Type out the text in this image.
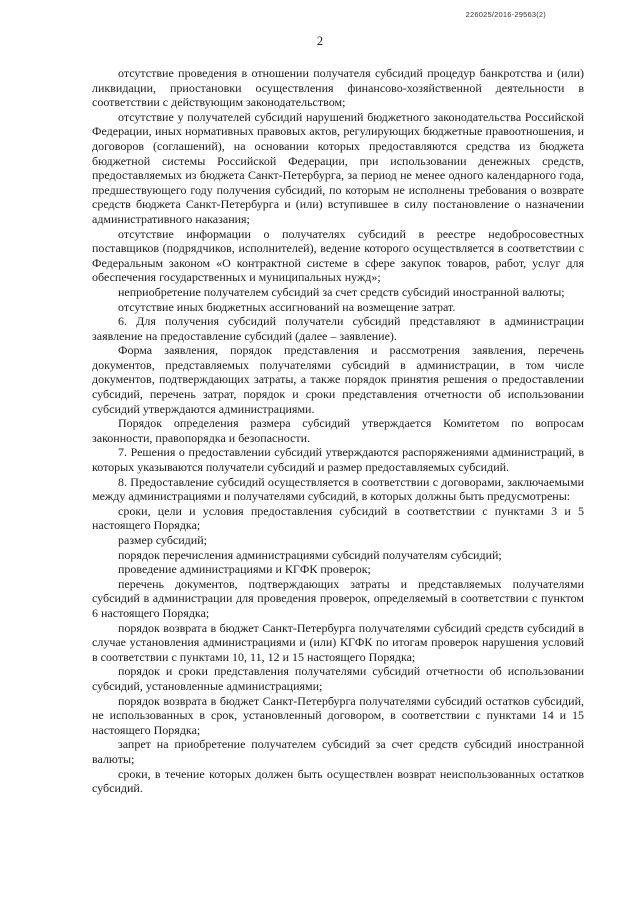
226025/2016-29563(2)
2

отсутствие проведения в отношении получателя субсидий процедур банкротства и (или) ликвидации, приостановки осуществления финансово-хозяйственной деятельности в соответствии с действующим законодательством;

отсутствие у получателей субсидий нарушений бюджетного законодательства Российской Федерации, иных нормативных правовых актов, регулирующих бюджетные правоотношения, и договоров (соглашений), на основании которых предоставляются средства из бюджета бюджетной системы Российской Федерации, при использовании денежных средств, предоставляемых из бюджета Санкт-Петербурга, за период не менее одного календарного года, предшествующего году получения субсидий, по которым не исполнены требования о возврате средств бюджета Санкт-Петербурга и (или) вступившее в силу постановление о назначении административного наказания;

отсутствие информации о получателях субсидий в реестре недобросовестных поставщиков (подрядчиков, исполнителей), ведение которого осуществляется в соответствии с Федеральным законом «О контрактной системе в сфере закупок товаров, работ, услуг для обеспечения государственных и муниципальных нужд»;

неприобретение получателем субсидий за счет средств субсидий иностранной валюты;

отсутствие иных бюджетных ассигнований на возмещение затрат.

6. Для получения субсидий получатели субсидий представляют в администрации заявление на предоставление субсидий (далее – заявление).

Форма заявления, порядок представления и рассмотрения заявления, перечень документов, представляемых получателями субсидий в администрации, в том числе документов, подтверждающих затраты, а также порядок принятия решения о предоставлении субсидий, перечень затрат, порядок и сроки представления отчетности об использовании субсидий утверждаются администрациями.

Порядок определения размера субсидий утверждается Комитетом по вопросам законности, правопорядка и безопасности.

7. Решения о предоставлении субсидий утверждаются распоряжениями администраций, в которых указываются получатели субсидий и размер предоставляемых субсидий.

8. Предоставление субсидий осуществляется в соответствии с договорами, заключаемыми между администрациями и получателями субсидий, в которых должны быть предусмотрены:

сроки, цели и условия предоставления субсидий в соответствии с пунктами 3 и 5 настоящего Порядка;

размер субсидий;

порядок перечисления администрациями субсидий получателям субсидий;

проведение администрациями и КГФК проверок;

перечень документов, подтверждающих затраты и представляемых получателями субсидий в администрации для проведения проверок, определяемый в соответствии с пунктом 6 настоящего Порядка;

порядок возврата в бюджет Санкт-Петербурга получателями субсидий средств субсидий в случае установления администрациями и (или) КГФК по итогам проверок нарушения условий в соответствии с пунктами 10, 11, 12 и 15 настоящего Порядка;

порядок и сроки представления получателями субсидий отчетности об использовании субсидий, установленные администрациями;

порядок возврата в бюджет Санкт-Петербурга получателями субсидий остатков субсидий, не использованных в срок, установленный договором, в соответствии с пунктами 14 и 15 настоящего Порядка;

запрет на приобретение получателем субсидий за счет средств субсидий иностранной валюты;

сроки, в течение которых должен быть осуществлен возврат неиспользованных остатков субсидий.
